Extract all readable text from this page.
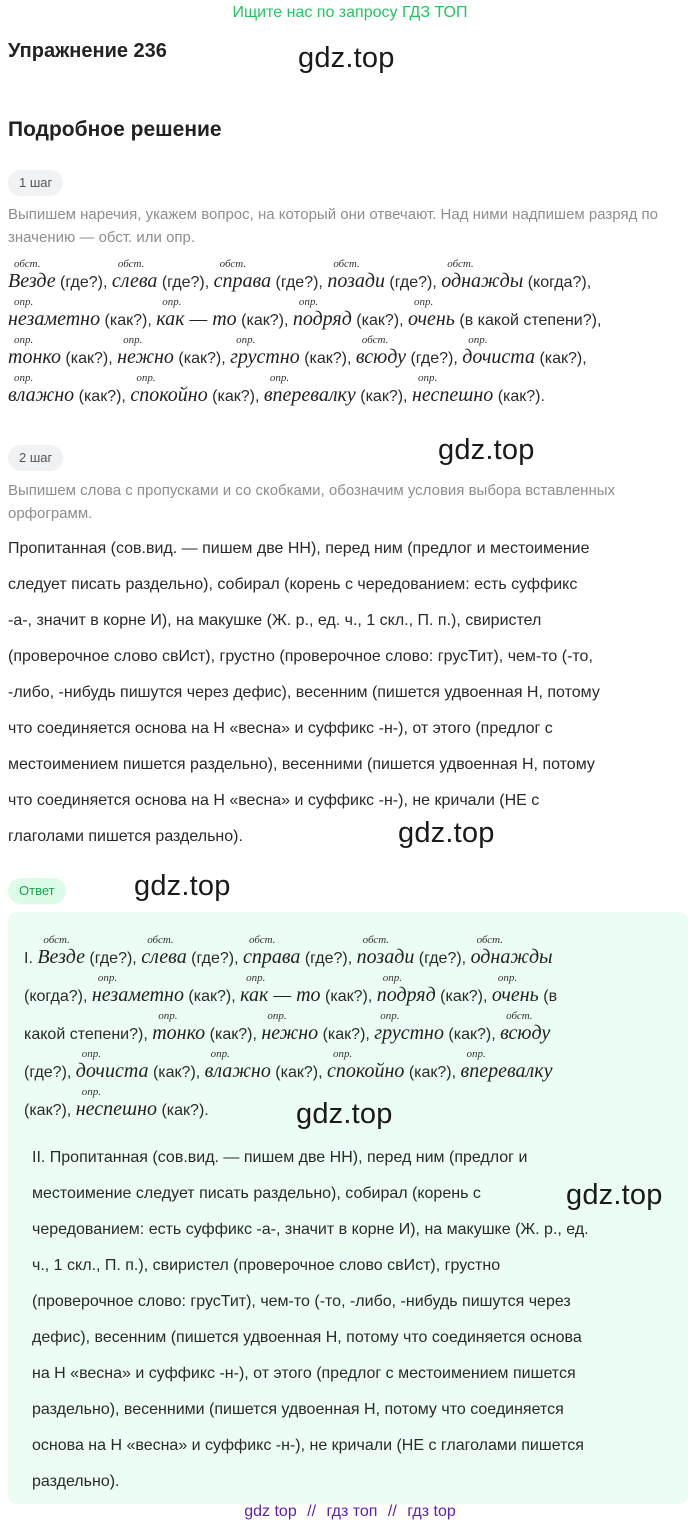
Ищите нас по запросу ГДЗ ТОП
Упражнение 236	gdz.top
gdz.top
gdz.top
gdz.top
Подробное решение
1 шаг
Выпишем наречия, укажем вопрос, на который они отвечают. Над ними надпишем разряд по значению — обст. или опр.
обст.
Везде (где?),
обст.
слева (где?),
обст.
справа (где?),
обст.
позади (где?),
обст.
однажды (когда?),
опр.
незаметно (как?),
опр.
как — то (как?),
опр.
подряд (как?),
опр.
очень (в какой степени?),
опр.
тонко (как?),
опр.
нежно (как?),
опр.
грустно (как?),
обст.
всюду (где?),
опр.
дочиста (как?),
опр.
влажно (как?),
опр.
спокойно (как?),
опр.
вперевалку (как?),
опр.
неспешно (как?).
2 шаг
Выпишем слова с пропусками и со скобками, обозначим условия выбора вставленных орфограмм.
Пропитанная (сов.вид. — пишем две НН), перед ним (предлог и местоимение
следует писать раздельно), собирал (корень с чередованием: есть суффикс
-а-, значит в корне И), на макушке (Ж. р., ед. ч., 1 скл., П. п.), свиристел
(проверочное слово свИст), грустно (проверочное слово: грусТит), чем-то (-то,
-либо, -нибудь пишутся через дефис), весенним (пишется удвоенная Н, потому
что соединяется основа на Н «весна» и суффикс -н-), от этого (предлог с
местоимением пишется раздельно), весенними (пишется удвоенная Н, потому
что соединяется основа на Н «весна» и суффикс -н-), не кричали (НЕ с
глаголами пишется раздельно).
Ответ
I.
обст.
Везде (где?),
обст.
слева (где?),
обст.
справа (где?),
обст.
позади (где?),
обст.
однажды
(когда?),
опр.
незаметно (как?),
опр.
как — то (как?),
опр.
подряд (как?),
опр.
очень (в
какой степени?),
опр.
тонко (как?),
опр.
нежно (как?),
опр.
грустно (как?),
обст.
всюду
(где?),
опр.
дочиста (как?),
опр.
влажно (как?),
опр.
спокойно (как?),
опр.
вперевалку
(как?),
опр.
неспешно (как?).
II. Пропитанная (сов.вид. — пишем две НН), перед ним (предлог и
местоимение следует писать раздельно), собирал (корень с
чередованием: есть суффикс -а-, значит в корне И), на макушке (Ж. р., ед.
ч., 1 скл., П. п.), свиристел (проверочное слово свИст), грустно
(проверочное слово: грусТит), чем-то (-то, -либо, -нибудь пишутся через
дефис), весенним (пишется удвоенная Н, потому что соединяется основа
на Н «весна» и суффикс -н-), от этого (предлог с местоимением пишется
раздельно), весенними (пишется удвоенная Н, потому что соединяется
основа на Н «весна» и суффикс -н-), не кричали (НЕ с глаголами пишется
раздельно).
gdz.top
gdz.top
gdz top // гдз топ // гдз top
